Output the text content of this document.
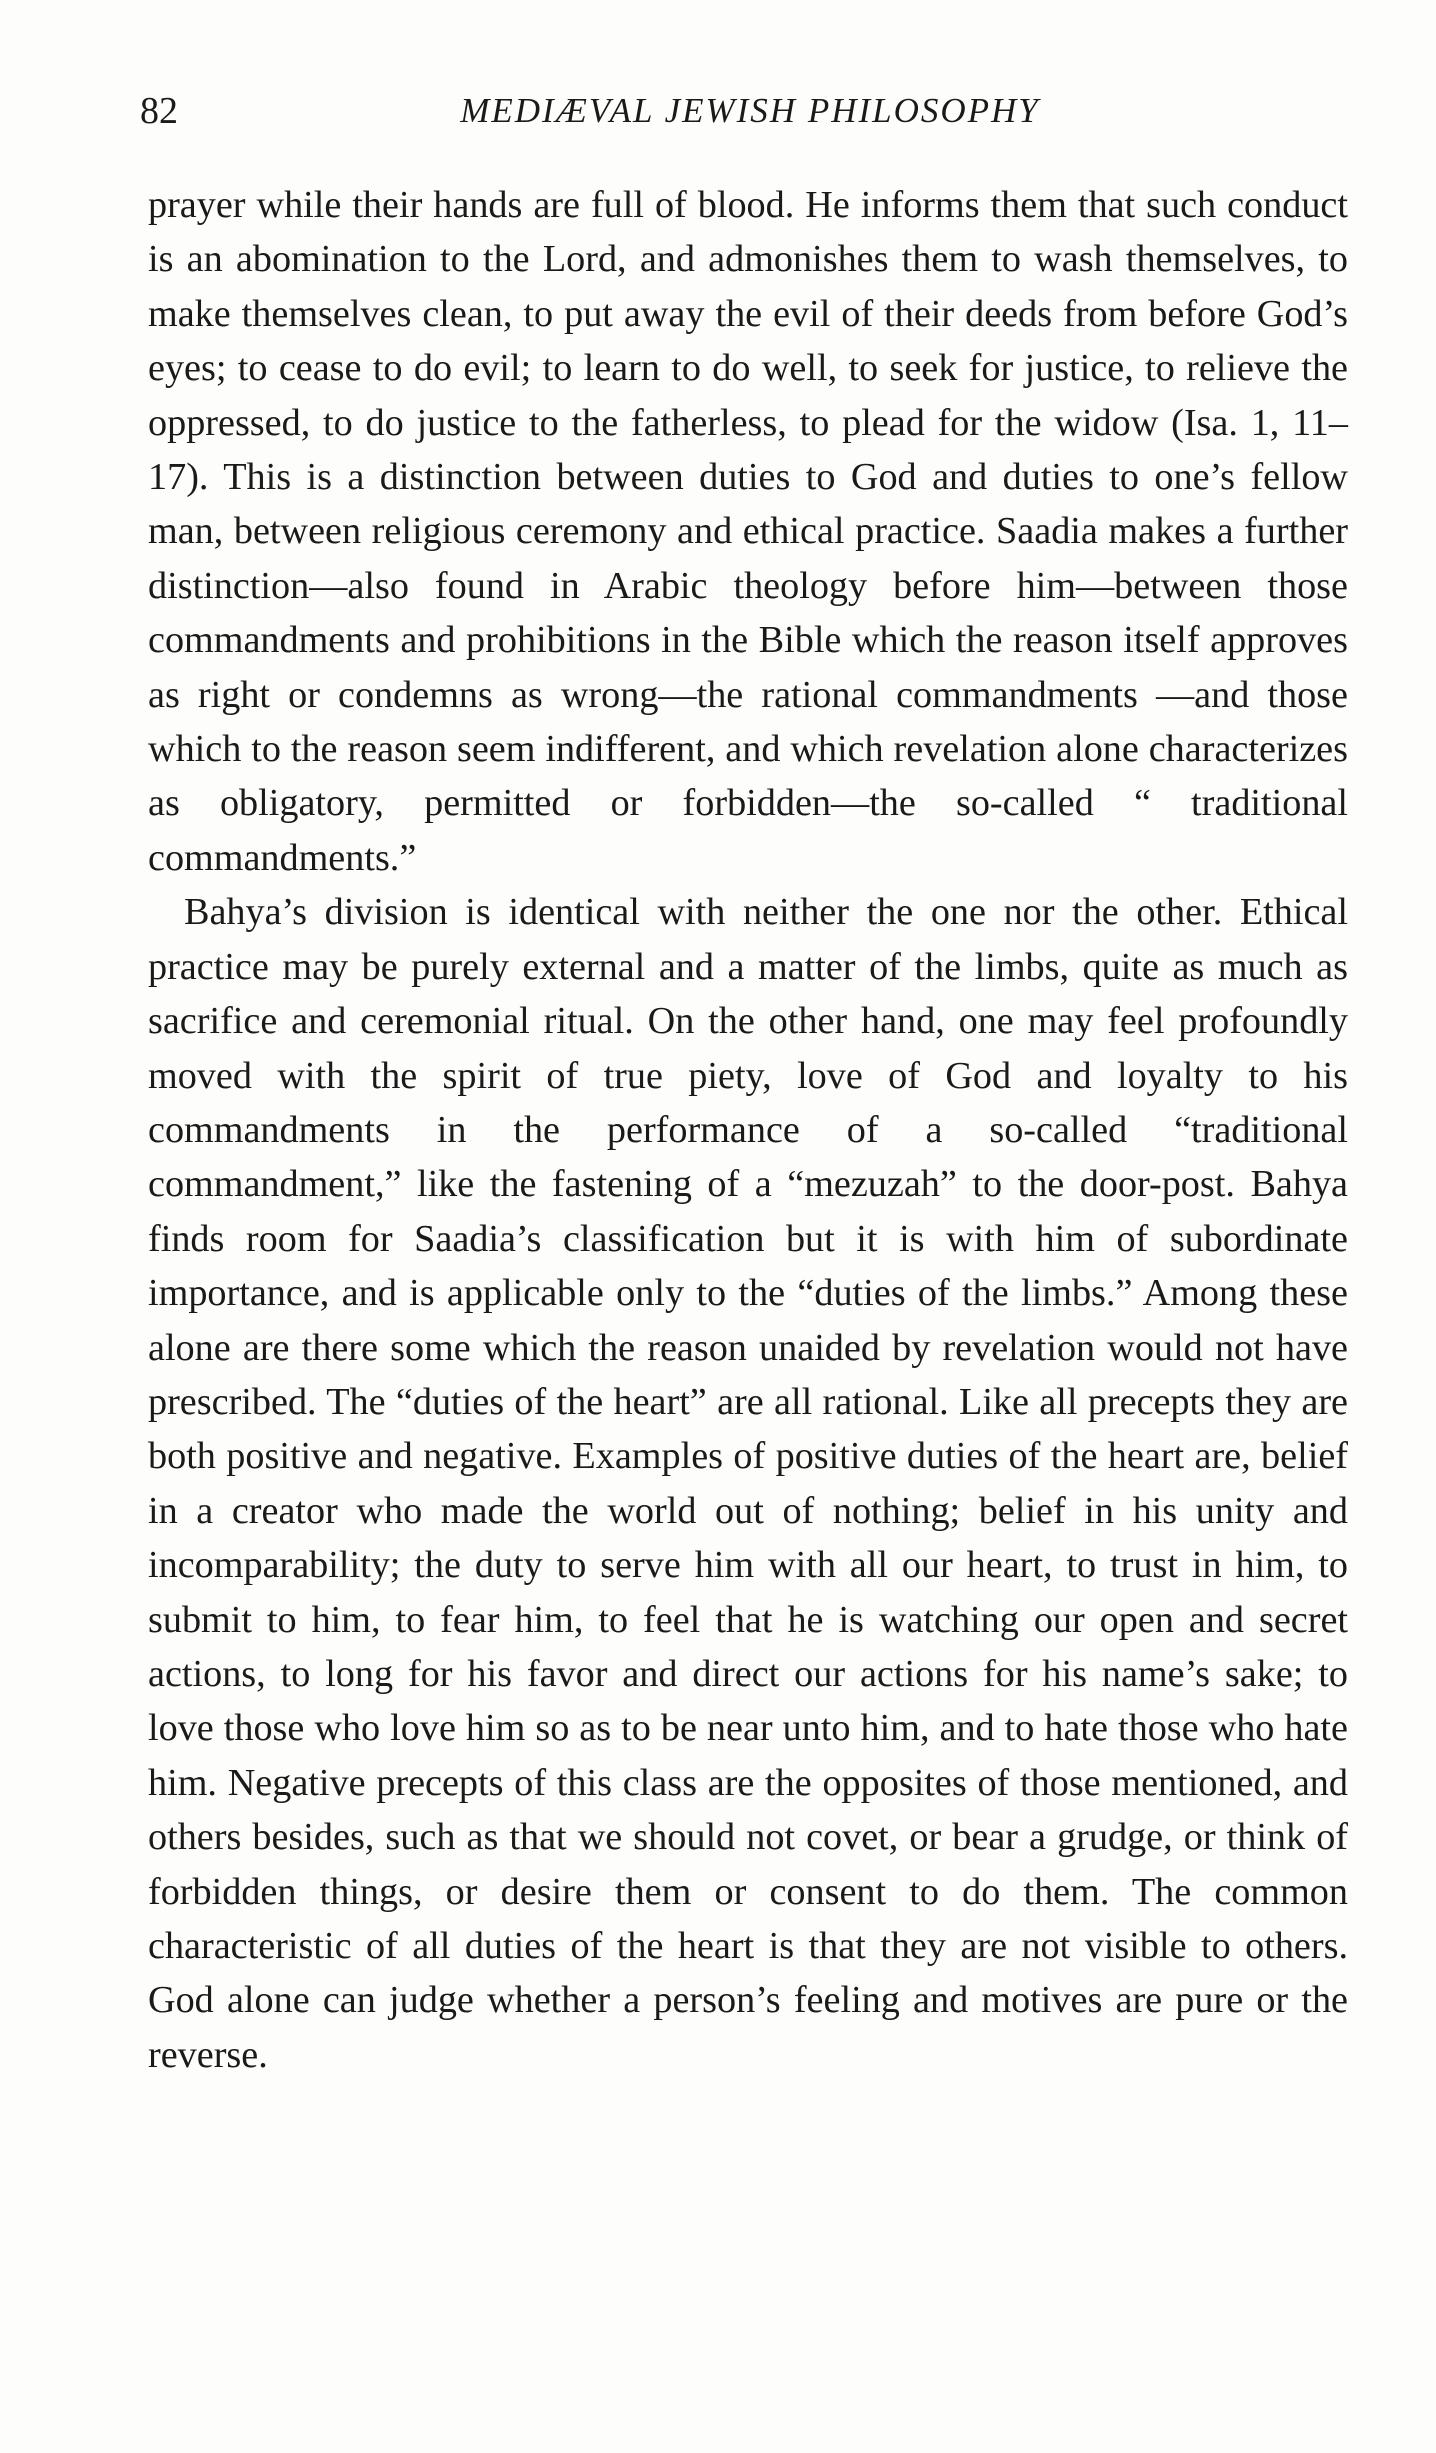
82	MEDIÆVAL JEWISH PHILOSOPHY

prayer while their hands are full of blood. He informs them that such conduct is an abomination to the Lord, and admonishes them to wash themselves, to make themselves clean, to put away the evil of their deeds from before God’s eyes; to cease to do evil; to learn to do well, to seek for justice, to relieve the oppressed, to do justice to the fatherless, to plead for the widow (Isa. 1, 11–17). This is a distinction between duties to God and duties to one’s fellow man, between religious ceremony and ethical practice. Saadia makes a further distinction—also found in Arabic theology before him—between those commandments and prohibitions in the Bible which the reason itself approves as right or condemns as wrong—the rational commandments —and those which to the reason seem indifferent, and which revelation alone characterizes as obligatory, permitted or forbidden—the so-called “ traditional commandments.”

Bahya’s division is identical with neither the one nor the other. Ethical practice may be purely external and a matter of the limbs, quite as much as sacrifice and ceremonial ritual. On the other hand, one may feel profoundly moved with the spirit of true piety, love of God and loyalty to his commandments in the performance of a so-called “traditional commandment,” like the fastening of a “mezuzah” to the door-post. Bahya finds room for Saadia’s classification but it is with him of subordinate importance, and is applicable only to the “duties of the limbs.” Among these alone are there some which the reason unaided by revelation would not have prescribed. The “duties of the heart” are all rational. Like all precepts they are both positive and negative. Examples of positive duties of the heart are, belief in a creator who made the world out of nothing; belief in his unity and incomparability; the duty to serve him with all our heart, to trust in him, to submit to him, to fear him, to feel that he is watching our open and secret actions, to long for his favor and direct our actions for his name’s sake; to love those who love him so as to be near unto him, and to hate those who hate him. Negative precepts of this class are the opposites of those mentioned, and others besides, such as that we should not covet, or bear a grudge, or think of forbidden things, or desire them or consent to do them. The common characteristic of all duties of the heart is that they are not visible to others. God alone can judge whether a person’s feeling and motives are pure or the reverse.
